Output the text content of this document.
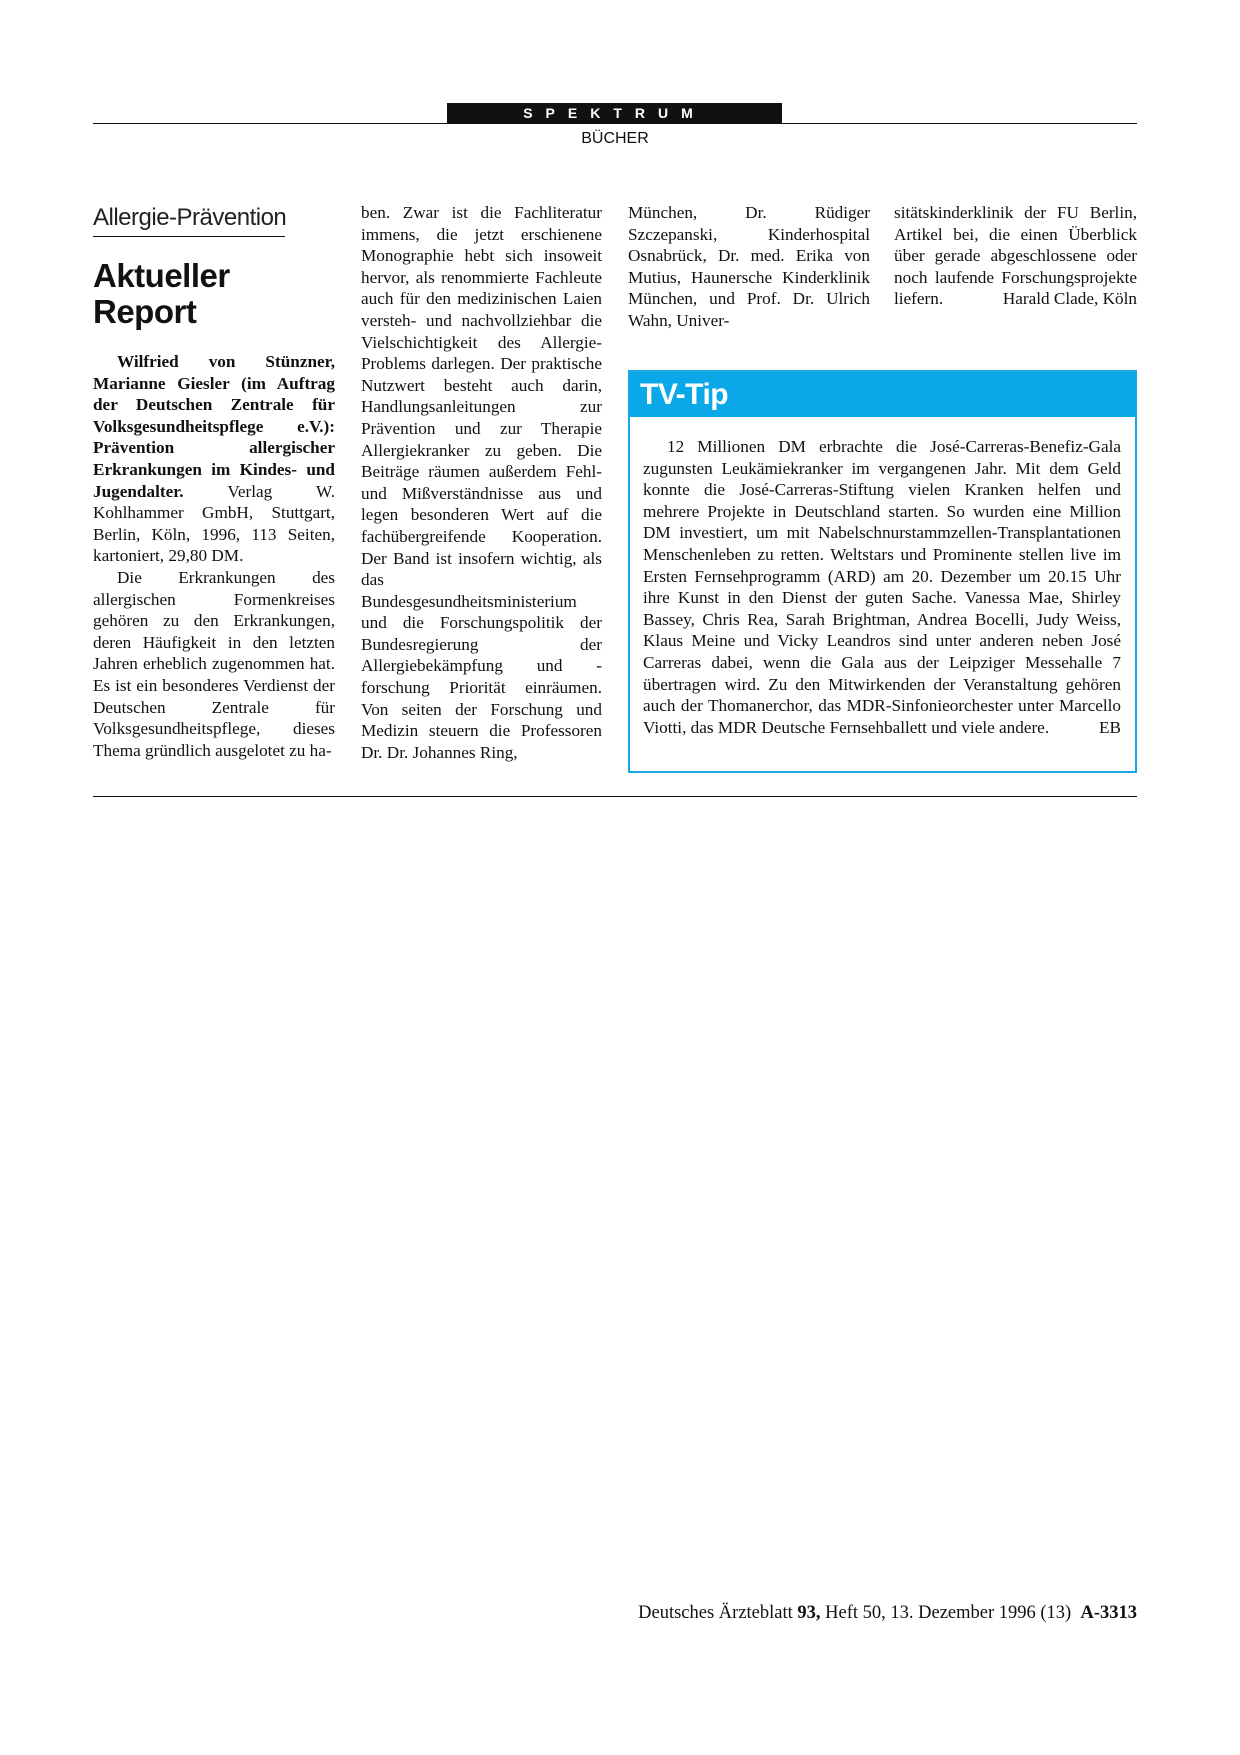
SPEKTRUM
BÜCHER
Allergie-Prävention
Aktueller Report

Wilfried von Stünzner, Marianne Giesler (im Auftrag der Deutschen Zentrale für Volksgesundheitspflege e.V.): Prävention allergischer Erkrankungen im Kindes- und Jugendalter. Verlag W. Kohlhammer GmbH, Stuttgart, Berlin, Köln, 1996, 113 Seiten, kartoniert, 29,80 DM.

Die Erkrankungen des allergischen Formenkreises gehören zu den Erkrankungen, deren Häufigkeit in den letzten Jahren erheblich zugenommen hat. Es ist ein besonderes Verdienst der Deutschen Zentrale für Volksgesundheitspflege, dieses Thema gründlich ausgelotet zu ha-

ben. Zwar ist die Fachliteratur immens, die jetzt erschienene Monographie hebt sich insoweit hervor, als renommierte Fachleute auch für den medizinischen Laien versteh- und nachvollziehbar die Vielschichtigkeit des Allergie-Problems darlegen. Der praktische Nutzwert besteht auch darin, Handlungsanleitungen zur Prävention und zur Therapie Allergiekranker zu geben. Die Beiträge räumen außerdem Fehl- und Mißverständnisse aus und legen besonderen Wert auf die fachübergreifende Kooperation. Der Band ist insofern wichtig, als das Bundesgesundheitsministerium und die Forschungspolitik der Bundesregierung der Allergiebekämpfung und -forschung Priorität einräumen. Von seiten der Forschung und Medizin steuern die Professoren Dr. Dr. Johannes Ring,

München, Dr. Rüdiger Szczepanski, Kinderhospital Osnabrück, Dr. med. Erika von Mutius, Haunersche Kinderklinik München, und Prof. Dr. Ulrich Wahn, Univer-

sitätskinderklinik der FU Berlin, Artikel bei, die einen Überblick über gerade abgeschlossene oder noch laufende Forschungsprojekte liefern.	Harald Clade, Köln

TV-Tip

12 Millionen DM erbrachte die José-Carreras-Benefiz-Gala zugunsten Leukämiekranker im vergangenen Jahr. Mit dem Geld konnte die José-Carreras-Stiftung vielen Kranken helfen und mehrere Projekte in Deutschland starten. So wurden eine Million DM investiert, um mit Nabelschnurstammzellen-Transplantationen Menschenleben zu retten. Weltstars und Prominente stellen live im Ersten Fernsehprogramm (ARD) am 20. Dezember um 20.15 Uhr ihre Kunst in den Dienst der guten Sache. Vanessa Mae, Shirley Bassey, Chris Rea, Sarah Brightman, Andrea Bocelli, Judy Weiss, Klaus Meine und Vicky Leandros sind unter anderen neben José Carreras dabei, wenn die Gala aus der Leipziger Messehalle 7 übertragen wird. Zu den Mitwirkenden der Veranstaltung gehören auch der Thomanerchor, das MDR-Sinfonieorchester unter Marcello Viotti, das MDR Deutsche Fernsehballett und viele andere.	EB

Deutsches Ärzteblatt 93, Heft 50, 13. Dezember 1996 (13) A-3313
